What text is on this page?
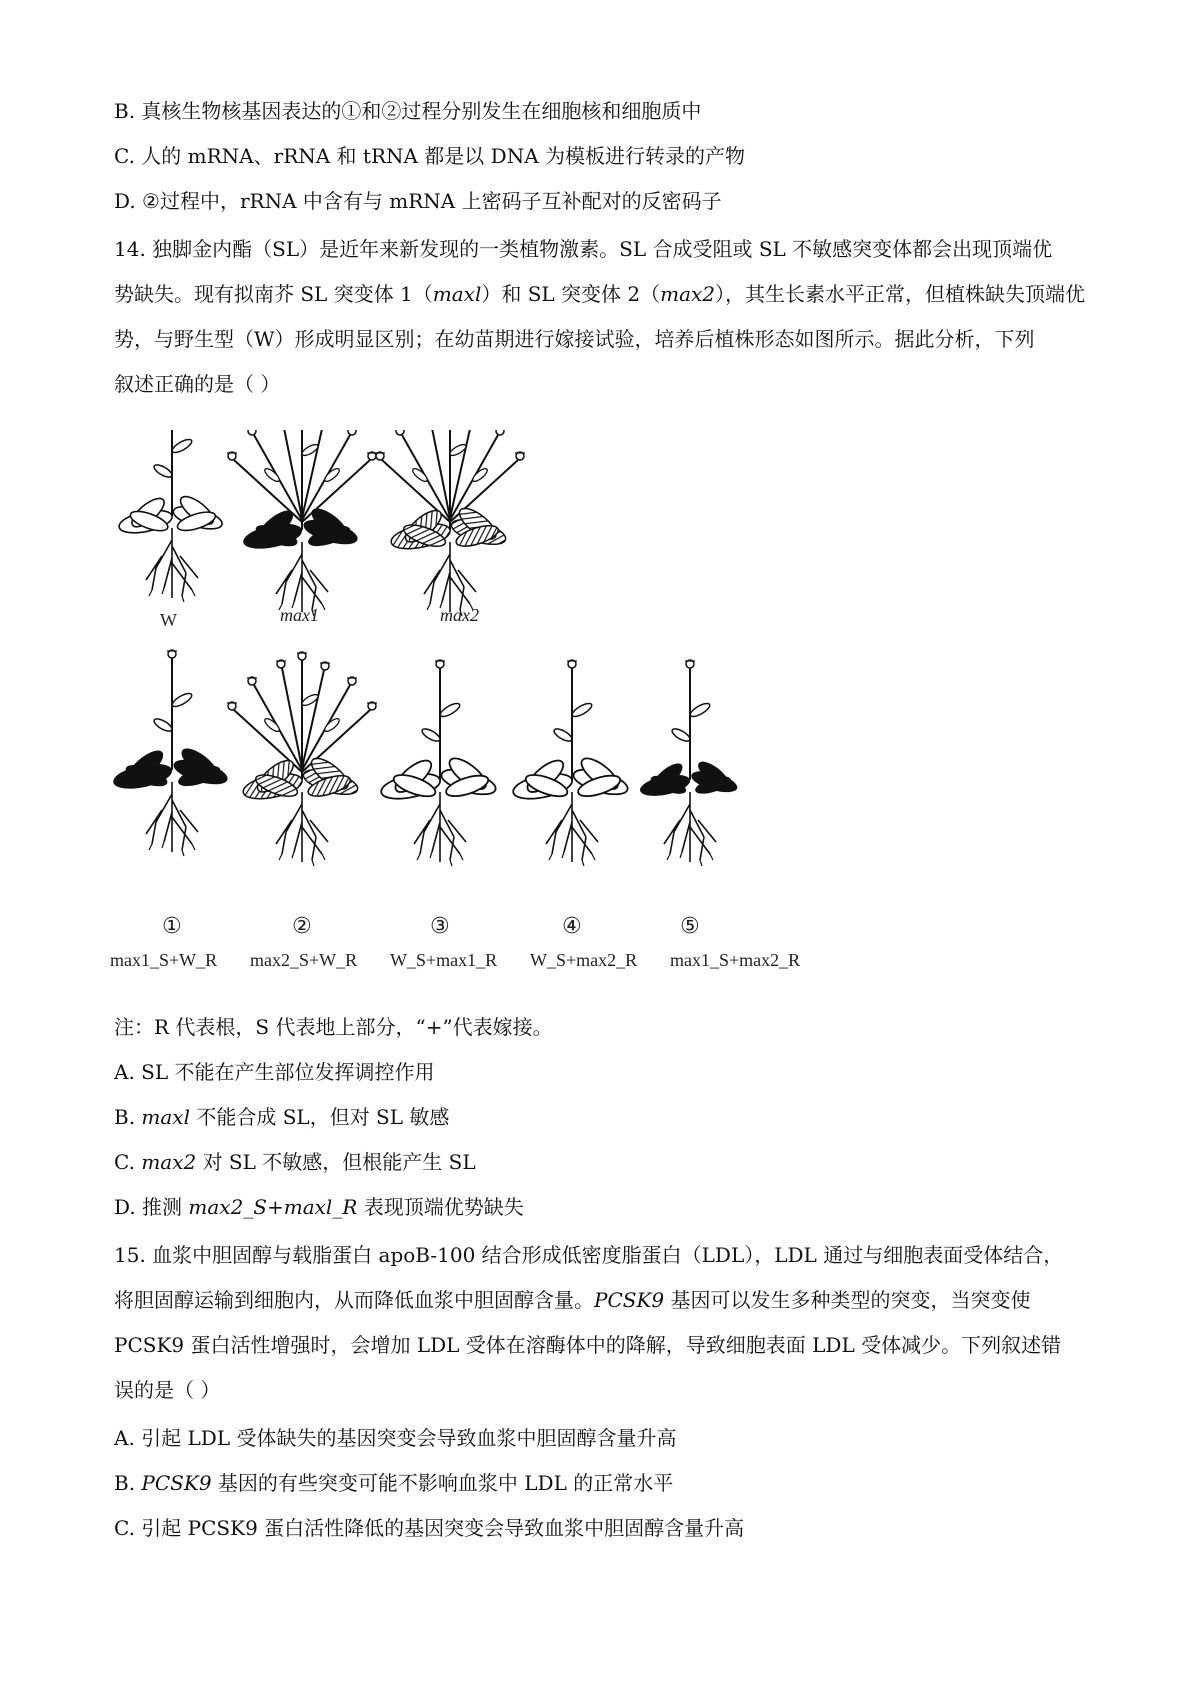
B. 真核生物核基因表达的①和②过程分别发生在细胞核和细胞质中
C. 人的 mRNA、rRNA 和 tRNA 都是以 DNA 为模板进行转录的产物
D. ②过程中，rRNA 中含有与 mRNA 上密码子互补配对的反密码子
14. 独脚金内酯（SL）是近年来新发现的一类植物激素。SL 合成受阻或 SL 不敏感突变体都会出现顶端优
势缺失。现有拟南芥 SL 突变体 1（maxl）和 SL 突变体 2（max2），其生长素水平正常，但植株缺失顶端优
势，与野生型（W）形成明显区别；在幼苗期进行嫁接试验，培养后植株形态如图所示。据此分析，下列
叙述正确的是（ ）
W	max1	max2
①	②	③	④	⑤
max1_S+W_R max2_S+W_R W_S+max1_R W_S+max2_R max1_S+max2_R
注：R 代表根，S 代表地上部分，“+”代表嫁接。
A. SL 不能在产生部位发挥调控作用
B. maxl 不能合成 SL，但对 SL 敏感
C. max2 对 SL 不敏感，但根能产生 SL
D. 推测 max2_S+maxl_R 表现顶端优势缺失
15. 血浆中胆固醇与载脂蛋白 apoB-100 结合形成低密度脂蛋白（LDL），LDL 通过与细胞表面受体结合，
将胆固醇运输到细胞内，从而降低血浆中胆固醇含量。PCSK9 基因可以发生多种类型的突变，当突变使
PCSK9 蛋白活性增强时，会增加 LDL 受体在溶酶体中的降解，导致细胞表面 LDL 受体减少。下列叙述错
误的是（ ）
A. 引起 LDL 受体缺失的基因突变会导致血浆中胆固醇含量升高
B. PCSK9 基因的有些突变可能不影响血浆中 LDL 的正常水平
C. 引起 PCSK9 蛋白活性降低的基因突变会导致血浆中胆固醇含量升高
